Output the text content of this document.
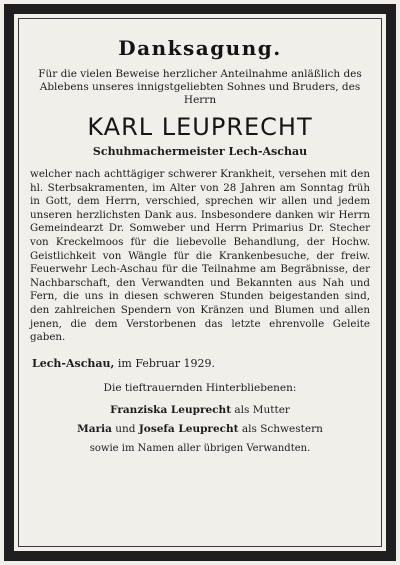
Danksagung.
Für die vielen Beweise herzlicher Anteilnahme anläßlich des Ablebens unseres innigstgeliebten Sohnes und Bruders, des Herrn
KARL LEUPRECHT
Schuhmachermeister Lech-Aschau
welcher nach achttägiger schwerer Krankheit, versehen mit den hl. Sterbsakramenten, im Alter von 28 Jahren am Sonntag früh in Gott, dem Herrn, verschied, sprechen wir allen und jedem unseren herzlichsten Dank aus. Insbesondere danken wir Herrn Gemeindearzt Dr. Somweber und Herrn Primarius Dr. Stecher von Kreckelmoos für die liebevolle Behandlung, der Hochw. Geistlichkeit von Wängle für die Krankenbesuche, der freiw. Feuerwehr Lech-Aschau für die Teilnahme am Begräbnisse, der Nachbarschaft, den Verwandten und Bekannten aus Nah und Fern, die uns in diesen schweren Stunden beigestanden sind, den zahlreichen Spendern von Kränzen und Blumen und allen jenen, die dem Verstorbenen das letzte ehrenvolle Geleite gaben.
Lech-Aschau, im Februar 1929.
Die tieftrauernden Hinterbliebenen:
Franziska Leuprecht als Mutter
Maria und Josefa Leuprecht als Schwestern
sowie im Namen aller übrigen Verwandten.
